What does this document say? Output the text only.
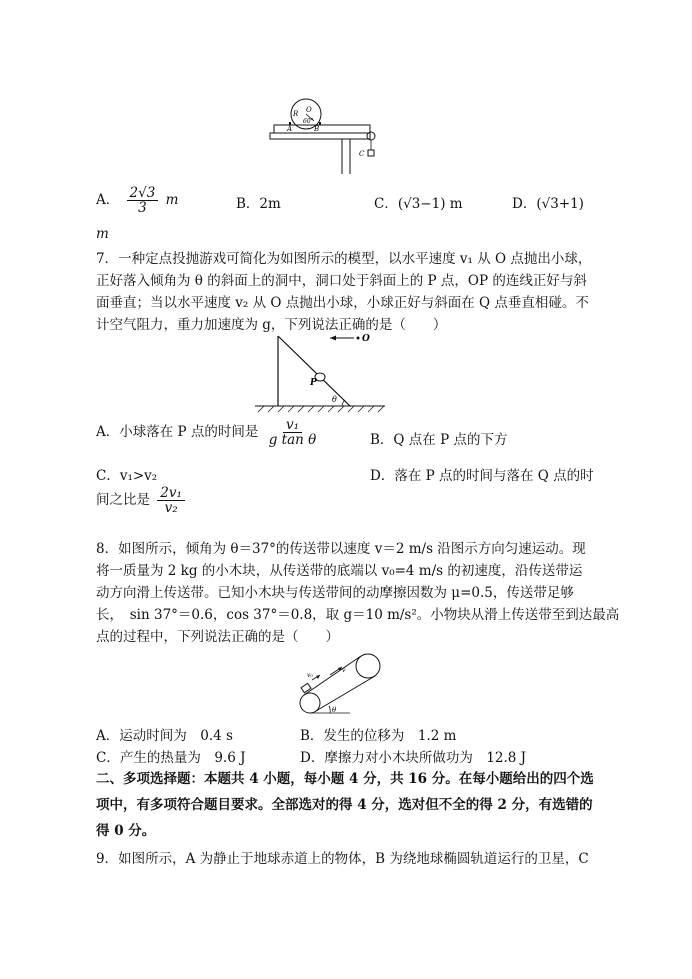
R O
60°
A	B
C
A． $\frac{2√3}{3}$ m	B．2m	C．(√3−1) m	D．(√3+1)
m
7．一种定点投抛游戏可简化为如图所示的模型，以水平速度 v₁ 从 O 点抛出小球，
正好落入倾角为 θ 的斜面上的洞中，洞口处于斜面上的 P 点，OP 的连线正好与斜
面垂直；当以水平速度 v₂ 从 O 点抛出小球，小球正好与斜面在 Q 点垂直相碰。不
计空气阻力，重力加速度为 g，下列说法正确的是（　　）
P
θ
O
A．小球落在 P 点的时间是 $\frac{\text{v₁}}{\text{g tan θ}}$	B．Q 点在 P 点的下方
C．v₁>v₂	D．落在 P 点的时间与落在 Q 点的时
间之比是 $\frac{\text{2v₁}}{\text{v₂}}$
8．如图所示，倾角为 θ＝37°的传送带以速度 v＝2 m/s 沿图示方向匀速运动。现
将一质量为 2 kg 的小木块，从传送带的底端以 v₀=4 m/s 的初速度，沿传送带运
动方向滑上传送带。已知小木块与传送带间的动摩擦因数为 μ=0.5，传送带足够
长，　sin 37°＝0.6，cos 37°＝0.8，取 g＝10 m/s²。小物块从滑上传送带至到达最高
点的过程中，下列说法正确的是（　　）
θ
v₀
v
A．运动时间为　0.4 s	B．发生的位移为　1.2 m
C．产生的热量为　9.6 J	D．摩擦力对小木块所做功为　12.8 J
二、多项选择题：本题共 4 小题，每小题 4 分，共 16 分。在每小题给出的四个选
项中，有多项符合题目要求。全部选对的得 4 分，选对但不全的得 2 分，有选错的
得 0 分。
9．如图所示，A 为静止于地球赤道上的物体，B 为绕地球椭圆轨道运行的卫星，C
